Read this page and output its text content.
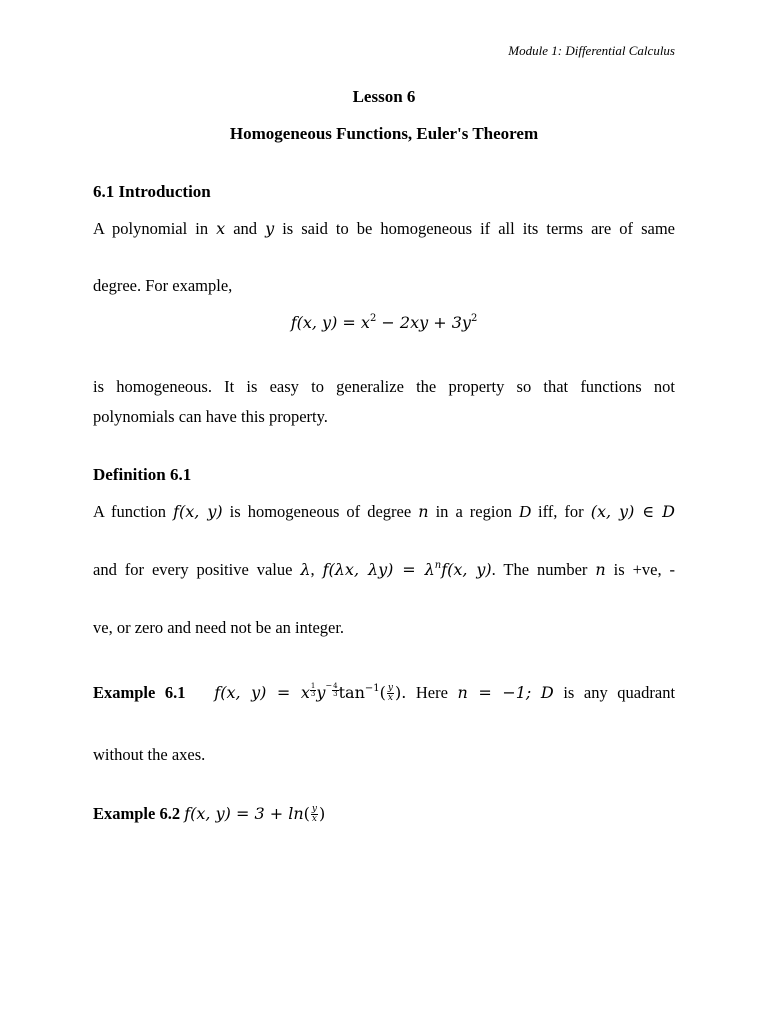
Module 1: Differential Calculus
Lesson 6
Homogeneous Functions, Euler's Theorem
6.1 Introduction
A polynomial in x and y is said to be homogeneous if all its terms are of same
degree. For example,
f(x, $y) = x^2 - 2xy + 3y^2$
is homogeneous. It is easy to generalize the property so that functions not
polynomials can have this property.
Definition 6.1
A function f(x, y) is homogeneous of degree n in a region D iff, for (x, y) ∈ D
and for every positive value λ, f(λx, $\lambda y) = \lambda^nf(x$, y). The number n is +ve, -
ve, or zero and need not be an integer.
Example 6.1 f(x, y) = x $\frac{1}{3} y^- \frac{4}{3} \tan^{-1}( \frac{y}{x}$ ). Here n = −1; D is any quadrant
without the axes.
Example 6.2 f(x, $y) = 3 + \ln( \frac{y}{x}$ )
